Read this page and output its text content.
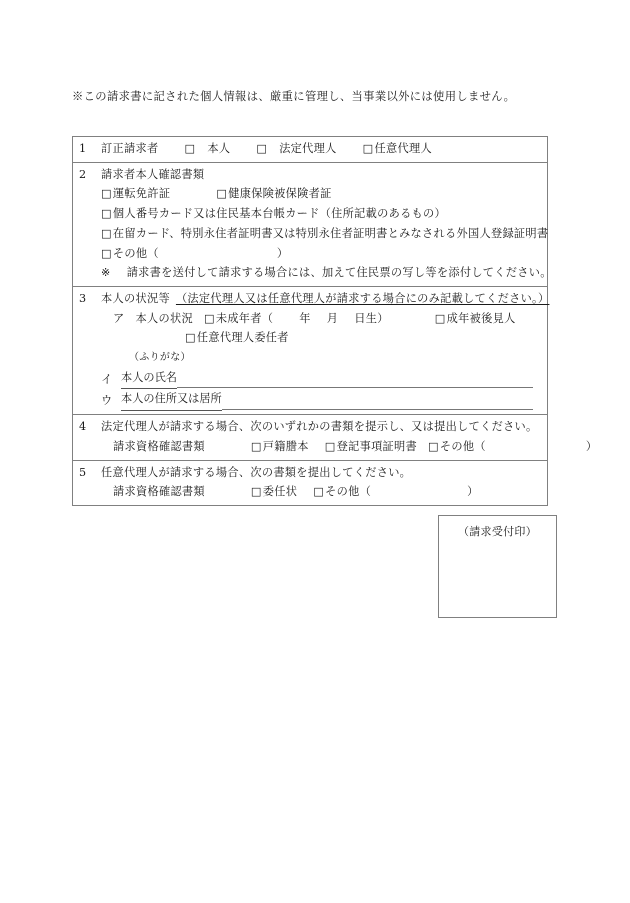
※この請求書に記された個人情報は、厳重に管理し、当事業以外には使用しません。
1 訂正請求者 □ 本人 □ 法定代理人 □任意代理人
2 請求者本人確認書類
□運転免許証	□健康保険被保険者証
□個人番号カード又は住民基本台帳カード（住所記載のあるもの）
□在留カード、特別永住者証明書又は特別永住者証明書とみなされる外国人登録証明書
□その他（	）
※ 請求書を送付して請求する場合には、加えて住民票の写し等を添付してください。
3 本人の状況等 （法定代理人又は任意代理人が請求する場合にのみ記載してください。）
ア 本人の状況 □未成年者（ 年 月 日生）	□成年被後見人
□任意代理人委任者
（ふりがな）
イ 本人の氏名
ウ 本人の住所又は居所
4 法定代理人が請求する場合、次のいずれかの書類を提示し、又は提出してください。
請求資格確認書類	□戸籍謄本 □登記事項証明書 □その他（	）
5 任意代理人が請求する場合、次の書類を提出してください。
請求資格確認書類	□委任状 □その他（	）
（請求受付印）
